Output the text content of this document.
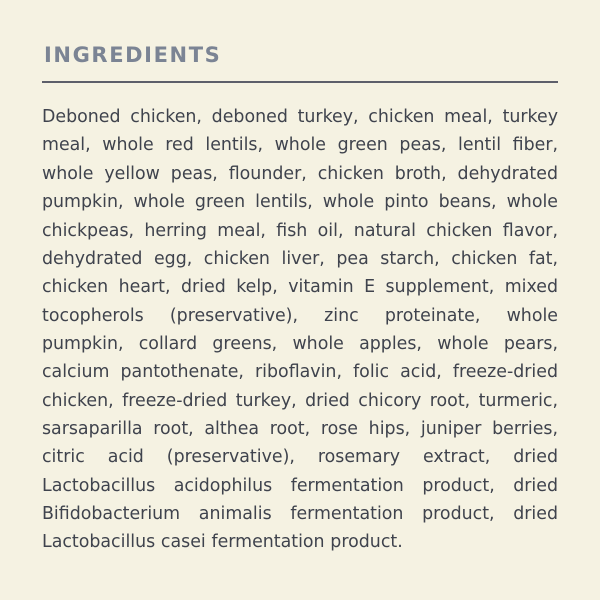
INGREDIENTS

Deboned chicken, deboned turkey, chicken meal, turkey meal, whole red lentils, whole green peas, lentil fiber, whole yellow peas, flounder, chicken broth, dehydrated pumpkin, whole green lentils, whole pinto beans, whole chickpeas, herring meal, fish oil, natural chicken flavor, dehydrated egg, chicken liver, pea starch, chicken fat, chicken heart, dried kelp, vitamin E supplement, mixed tocopherols (preservative), zinc proteinate, whole pumpkin, collard greens, whole apples, whole pears, calcium pantothenate, riboflavin, folic acid, freeze-dried chicken, freeze-dried turkey, dried chicory root, turmeric, sarsaparilla root, althea root, rose hips, juniper berries, citric acid (preservative), rosemary extract, dried Lactobacillus acidophilus fermentation product, dried Bifidobacterium animalis fermentation product, dried Lactobacillus casei fermentation product.
